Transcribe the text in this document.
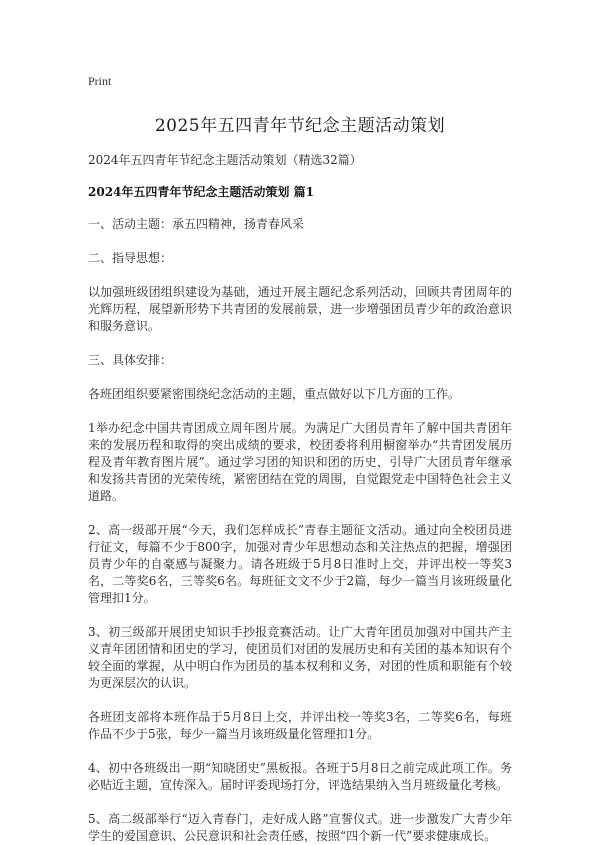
Print
2025年五四青年节纪念主题活动策划

2024年五四青年节纪念主题活动策划（精选32篇）

2024年五四青年节纪念主题活动策划 篇1

一、活动主题：承五四精神，扬青春风采

二、指导思想：

以加强班级团组织建设为基础，通过开展主题纪念系列活动，回顾共青团周年的光辉历程，展望新形势下共青团的发展前景，进一步增强团员青少年的政治意识和服务意识。

三、具体安排：

各班团组织要紧密围绕纪念活动的主题，重点做好以下几方面的工作。

1举办纪念中国共青团成立周年图片展。为满足广大团员青年了解中国共青团年来的发展历程和取得的突出成绩的要求，校团委将利用橱窗举办“共青团发展历程及青年教育图片展”。通过学习团的知识和团的历史，引导广大团员青年继承和发扬共青团的光荣传统，紧密团结在党的周围，自觉跟党走中国特色社会主义道路。

2、高一级部开展“今天，我们怎样成长”青春主题征文活动。通过向全校团员进行征文，每篇不少于800字，加强对青少年思想动态和关注热点的把握，增强团员青少年的自豪感与凝聚力。请各班级于5月8日准时上交，并评出校一等奖3名，二等奖6名，三等奖6名。每班征文文不少于2篇，每少一篇当月该班级量化管理扣1分。

3、初三级部开展团史知识手抄报竞赛活动。让广大青年团员加强对中国共产主义青年团团情和团史的学习，使团员们对团的发展历史和有关团的基本知识有个较全面的掌握，从中明白作为团员的基本权利和义务，对团的性质和职能有个较为更深层次的认识。

各班团支部将本班作品于5月8日上交，并评出校一等奖3名，二等奖6名，每班作品不少于5张，每少一篇当月该班级量化管理扣1分。

4、初中各班级出一期“知晓团史”黑板报。各班于5月8日之前完成此项工作。务必贴近主题，宣传深入。届时评委现场打分，评选结果纳入当月班级量化考核。

5、高二级部举行“迈入青春门，走好成人路”宣誓仪式。进一步激发广大青少年学生的爱国意识、公民意识和社会责任感，按照“四个新一代”要求健康成长。
